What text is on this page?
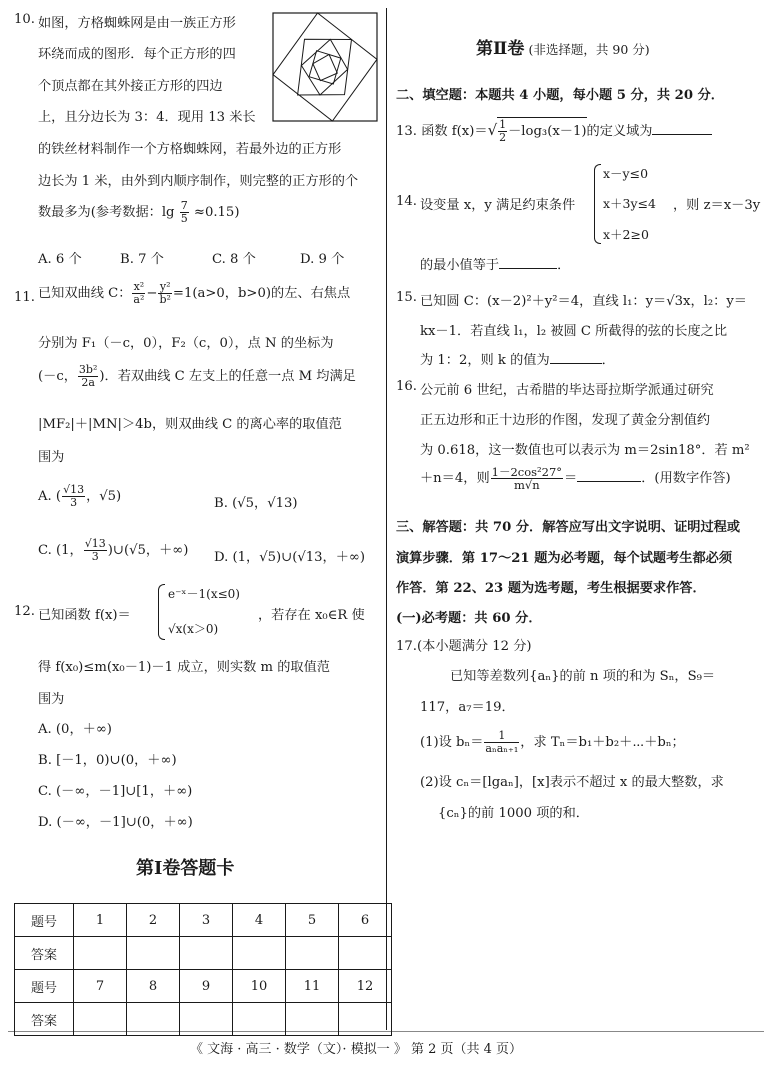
10. 如图，方格蜘蛛网是由一族正方形
环绕而成的图形．每个正方形的四
个顶点都在其外接正方形的四边
上，且分边长为 3：4．现用 13 米长
的铁丝材料制作一个方格蜘蛛网，若最外边的正方形
边长为 1 米，由外到内顺序制作，则完整的正方形的个
数最多为(参考数据：$\lg \frac{7}{5} \approx 0.15$)
A. 6 个	B. 7 个	C. 8 个	D. 9 个
11. 已知双曲线 C： $\frac{\text{x²}}{\text{a²}} - \frac{\text{y²}}{\text{b²}} =1(a>0$，b>0)的左、右焦点
分别为 F₁（－c，0），F₂（c，0），点 N 的坐标为
(－c， $\frac{\text{3b²}}{2a}$ )．若双曲线 C 左支上的任意一点 M 均满足
|MF₂|＋|MN|＞4b，则双曲线 C 的离心率的取值范
围为
A. ( $\frac{√13}{3}$ ，√5)	B. (√5，√13)
C. (1， $\frac{√13}{3}$ )∪(√5，＋∞) D. (1，√5)∪(√13，＋∞)
12. 已知函数 f(x)＝
e⁻ˣ－1(x≤0)
√x(x＞0)
，若存在 x₀∈R 使
得 f(x₀)≤m(x₀－1)－1 成立，则实数 m 的取值范
围为
A. (0，＋∞)
B. [－1，0)∪(0，＋∞)
C. (－∞，－1]∪[1，＋∞)
D. (－∞，－1]∪(0，＋∞)
第Ⅰ卷答题卡
题号	1	2	3	4	5	6
答案						
题号	7	8	9	10	11	12
答案						
第Ⅱ卷 (非选择题，共 90 分)
二、填空题：本题共 4 小题，每小题 5 分，共 20 分．
13. 函数 $f(x)=√ \frac{1}{2} -\log_3(x-1)$的定义域为
14. 设变量 x，y 满足约束条件
x－y≤0
x＋3y≤4
x＋2≥0
，则 z＝x－3y
的最小值等于	．
15. 已知圆 C：(x－2)²＋y²＝4，直线 l₁：y＝√3x，l₂：y＝
kx－1．若直线 l₁，l₂ 被圆 C 所截得的弦的长度之比
为 1：2，则 k 的值为	．
16. 公元前 6 世纪，古希腊的毕达哥拉斯学派通过研究
正五边形和正十边形的作图，发现了黄金分割值约
为 0.618，这一数值也可以表示为 m＝2sin18°．若 m²
＋n＝4，则 $\frac{\text{1－2cos²27°}}{m√n}$ ＝	．(用数字作答)
三、解答题：共 70 分．解答应写出文字说明、证明过程或
演算步骤．第 17～21 题为必考题，每个试题考生都必须
作答．第 22、23 题为选考题，考生根据要求作答．
(一)必考题：共 60 分．
17.(本小题满分 12 分)
已知等差数列{aₙ}的前 n 项的和为 Sₙ，S₉＝
117，a₇＝19．
(1)设 $b_n= \frac{1}{\text{aₙaₙ₊₁}}$ ，求 Tₙ＝b₁＋b₂＋⋯＋bₙ；
(2)设 cₙ＝[lgaₙ]，[x]表示不超过 x 的最大整数，求
{cₙ}的前 1000 项的和．
《 文海 · 高三 · 数学（文）· 模拟一 》 第 2 页（共 4 页）
